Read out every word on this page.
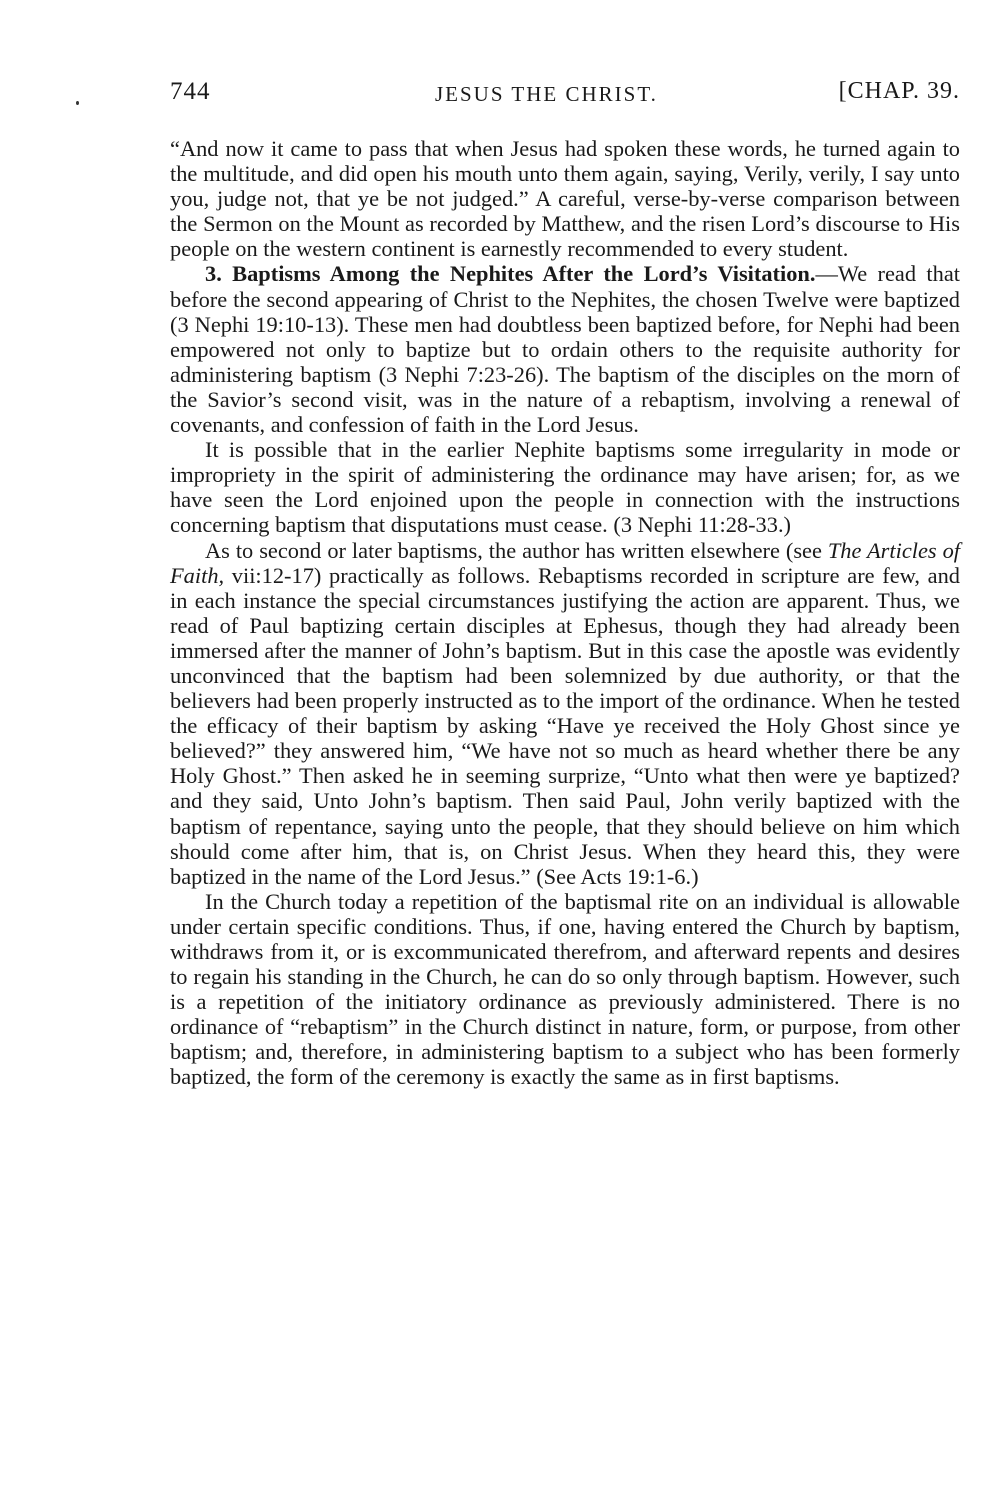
744	JESUS THE CHRIST.	[CHAP. 39.

“And now it came to pass that when Jesus had spoken these words, he turned again to the multitude, and did open his mouth unto them again, saying, Verily, verily, I say unto you, judge not, that ye be not judged.” A careful, verse-by-verse comparison between the Sermon on the Mount as recorded by Matthew, and the risen Lord’s discourse to His people on the western continent is earnestly recommended to every student.

3. Baptisms Among the Nephites After the Lord’s Visitation.—We read that before the second appearing of Christ to the Nephites, the chosen Twelve were baptized (3 Nephi 19:10-13). These men had doubtless been baptized before, for Nephi had been empowered not only to baptize but to ordain others to the requisite authority for administering baptism (3 Nephi 7:23-26). The baptism of the disciples on the morn of the Savior’s second visit, was in the nature of a rebaptism, involving a renewal of covenants, and confession of faith in the Lord Jesus.

It is possible that in the earlier Nephite baptisms some irregularity in mode or impropriety in the spirit of administering the ordinance may have arisen; for, as we have seen the Lord enjoined upon the people in connection with the instructions concerning baptism that disputations must cease. (3 Nephi 11:28-33.)

As to second or later baptisms, the author has written elsewhere (see The Articles of Faith, vii:12-17) practically as follows. Rebaptisms recorded in scripture are few, and in each instance the special circumstances justifying the action are apparent. Thus, we read of Paul baptizing certain disciples at Ephesus, though they had already been immersed after the manner of John’s baptism. But in this case the apostle was evidently unconvinced that the baptism had been solemnized by due authority, or that the believers had been properly instructed as to the import of the ordinance. When he tested the efficacy of their baptism by asking “Have ye received the Holy Ghost since ye believed?” they answered him, “We have not so much as heard whether there be any Holy Ghost.” Then asked he in seeming surprize, “Unto what then were ye baptized? and they said, Unto John’s baptism. Then said Paul, John verily baptized with the baptism of repentance, saying unto the people, that they should believe on him which should come after him, that is, on Christ Jesus. When they heard this, they were baptized in the name of the Lord Jesus.” (See Acts 19:1-6.)

In the Church today a repetition of the baptismal rite on an individual is allowable under certain specific conditions. Thus, if one, having entered the Church by baptism, withdraws from it, or is excommunicated therefrom, and afterward repents and desires to regain his standing in the Church, he can do so only through baptism. However, such is a repetition of the initiatory ordinance as previously administered. There is no ordinance of “rebaptism” in the Church distinct in nature, form, or purpose, from other baptism; and, therefore, in administering baptism to a subject who has been formerly baptized, the form of the ceremony is exactly the same as in first baptisms.
